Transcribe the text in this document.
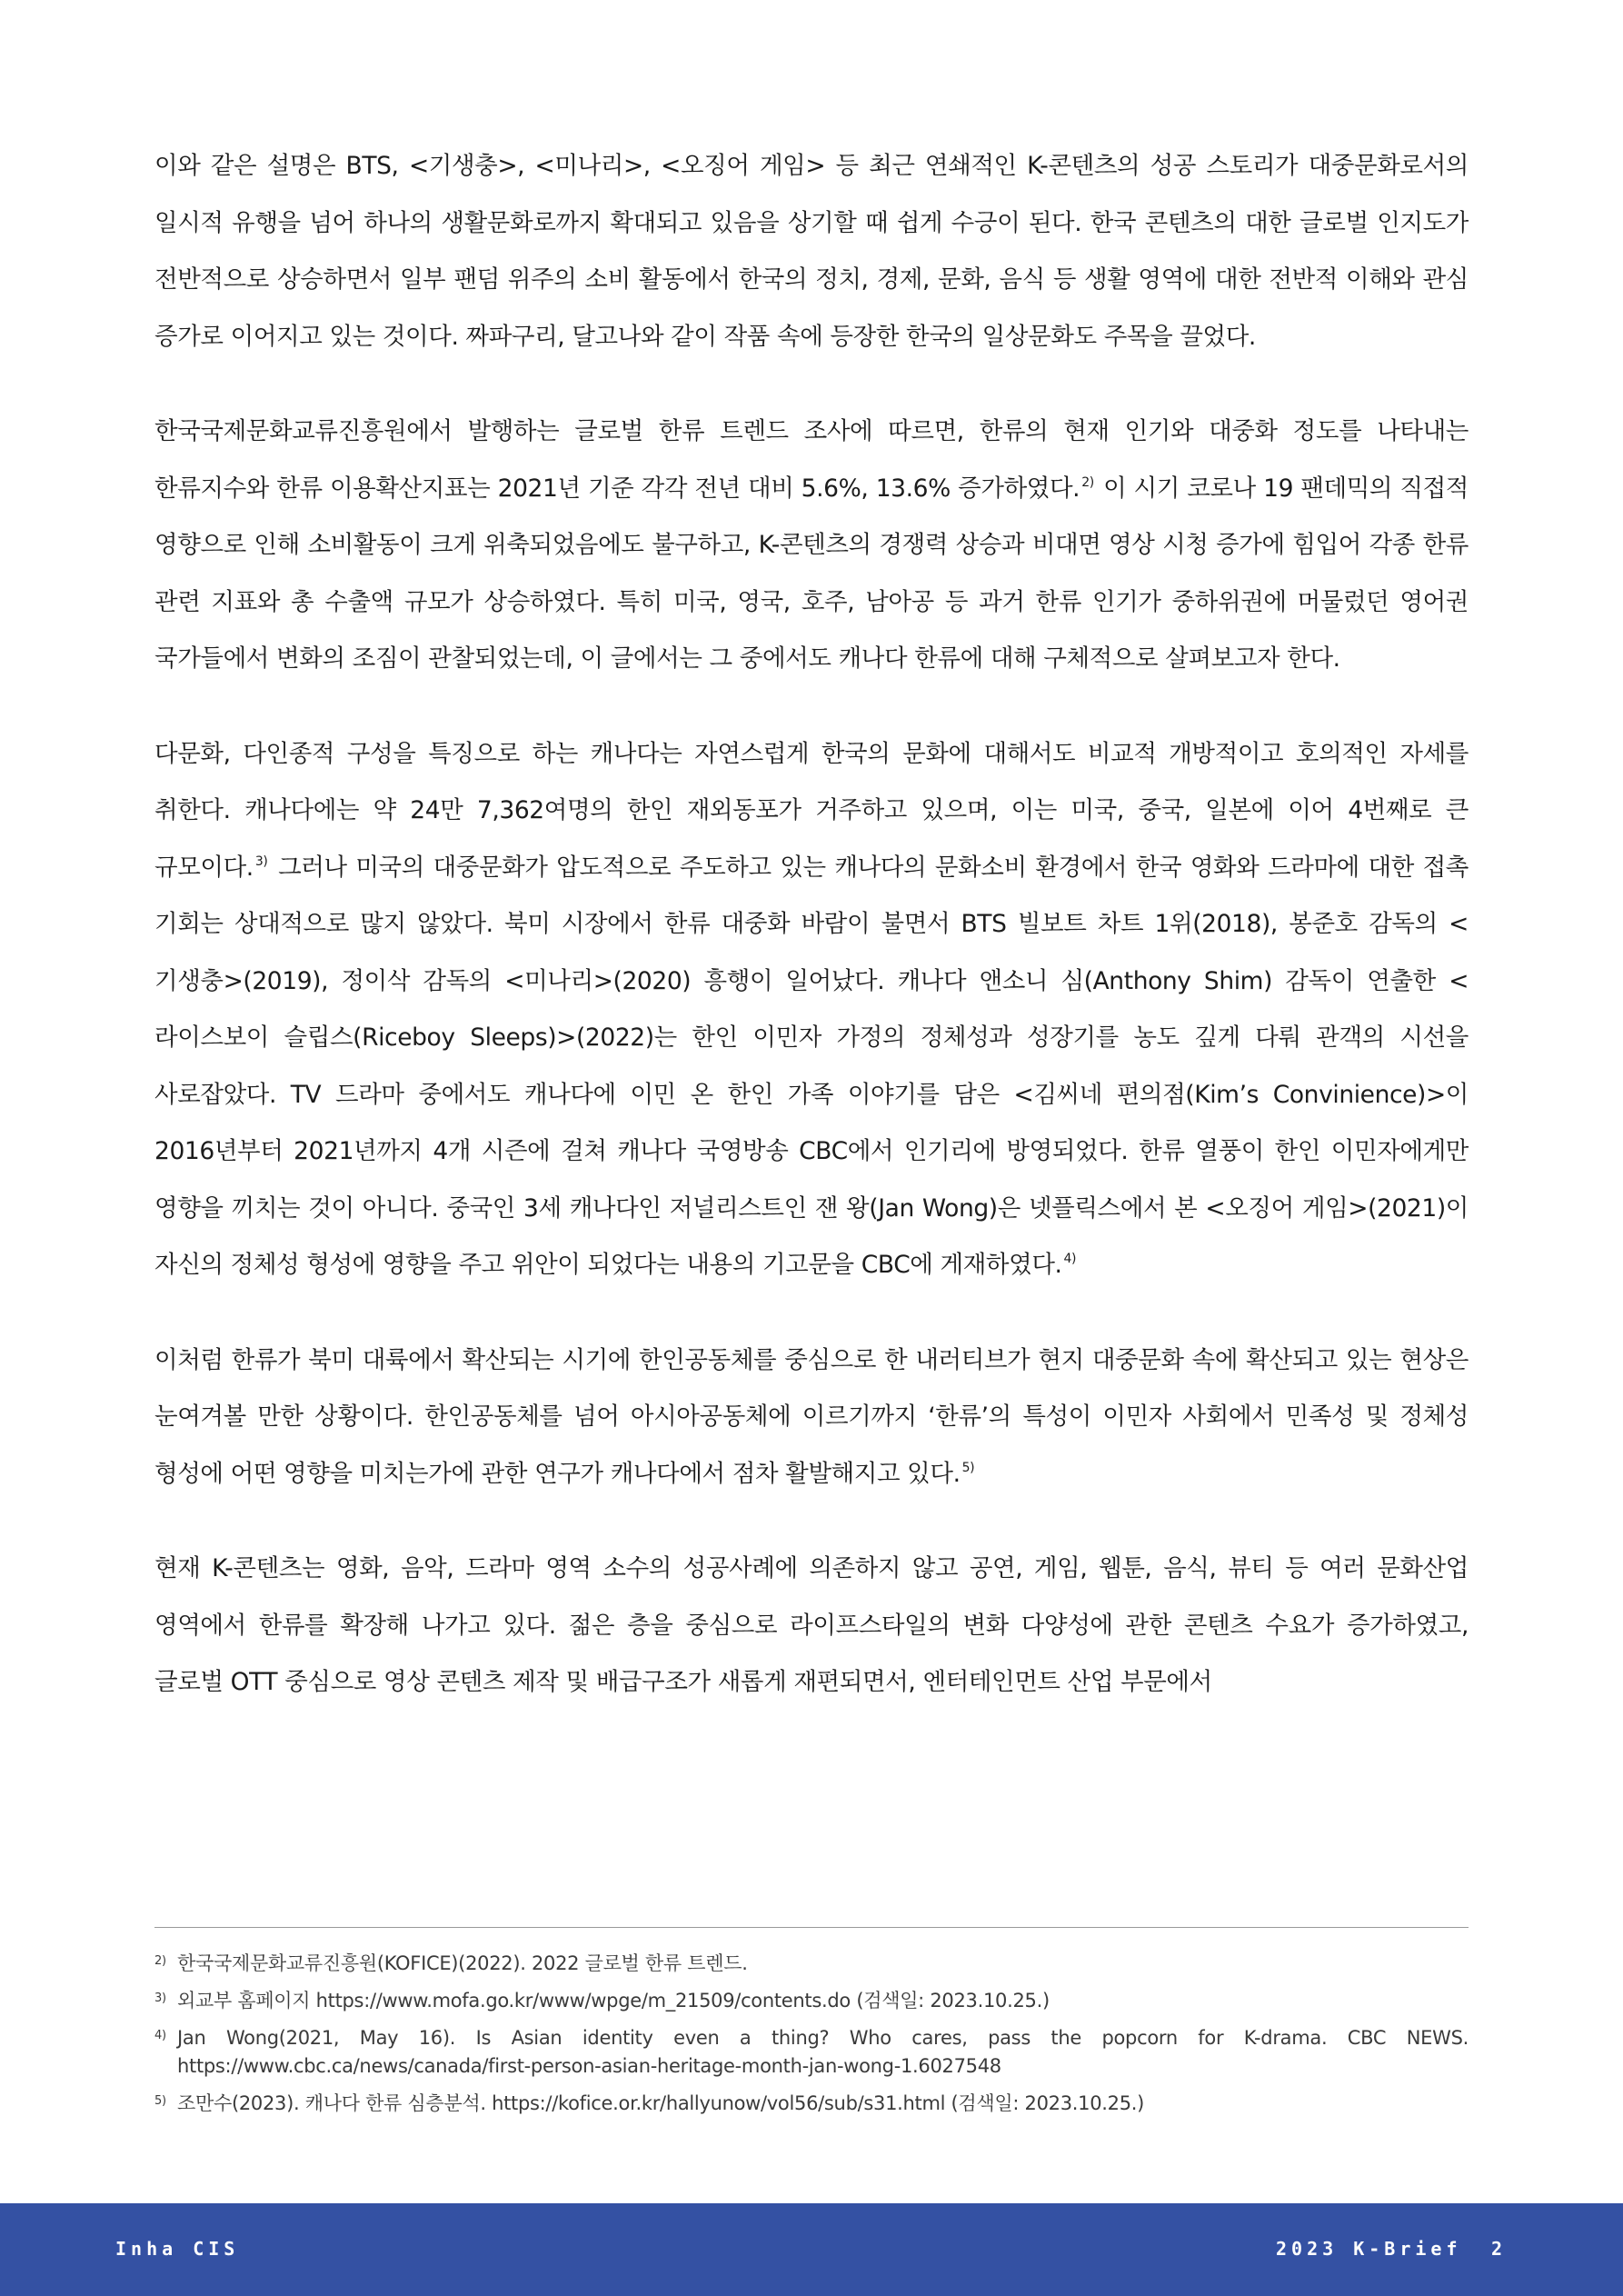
이와 같은 설명은 BTS, <기생충>, <미나리>, <오징어 게임> 등 최근 연쇄적인 K-콘텐츠의 성공 스토리가 대중문화로서의 일시적 유행을 넘어 하나의 생활문화로까지 확대되고 있음을 상기할 때 쉽게 수긍이 된다. 한국 콘텐츠의 대한 글로벌 인지도가 전반적으로 상승하면서 일부 팬덤 위주의 소비 활동에서 한국의 정치, 경제, 문화, 음식 등 생활 영역에 대한 전반적 이해와 관심 증가로 이어지고 있는 것이다. 짜파구리, 달고나와 같이 작품 속에 등장한 한국의 일상문화도 주목을 끌었다.

한국국제문화교류진흥원에서 발행하는 글로벌 한류 트렌드 조사에 따르면, 한류의 현재 인기와 대중화 정도를 나타내는 한류지수와 한류 이용확산지표는 2021년 기준 각각 전년 대비 5.6%, 13.6% 증가하였다. $^{2)}$ 이 시기 코로나 19 팬데믹의 직접적 영향으로 인해 소비활동이 크게 위축되었음에도 불구하고, K-콘텐츠의 경쟁력 상승과 비대면 영상 시청 증가에 힘입어 각종 한류 관련 지표와 총 수출액 규모가 상승하였다. 특히 미국, 영국, 호주, 남아공 등 과거 한류 인기가 중하위권에 머물렀던 영어권 국가들에서 변화의 조짐이 관찰되었는데, 이 글에서는 그 중에서도 캐나다 한류에 대해 구체적으로 살펴보고자 한다.

다문화, 다인종적 구성을 특징으로 하는 캐나다는 자연스럽게 한국의 문화에 대해서도 비교적 개방적이고 호의적인 자세를 취한다. 캐나다에는 약 24만 7,362여명의 한인 재외동포가 거주하고 있으며, 이는 미국, 중국, 일본에 이어 4번째로 큰 규모이다. $^{3)}$ 그러나 미국의 대중문화가 압도적으로 주도하고 있는 캐나다의 문화소비 환경에서 한국 영화와 드라마에 대한 접촉 기회는 상대적으로 많지 않았다. 북미 시장에서 한류 대중화 바람이 불면서 BTS 빌보트 차트 1위(2018), 봉준호 감독의 <기생충>(2019), 정이삭 감독의 <미나리>(2020) 흥행이 일어났다. 캐나다 앤소니 심(Anthony Shim) 감독이 연출한 <라이스보이 슬립스(Riceboy Sleeps)>(2022)는 한인 이민자 가정의 정체성과 성장기를 농도 깊게 다뤄 관객의 시선을 사로잡았다. TV 드라마 중에서도 캐나다에 이민 온 한인 가족 이야기를 담은 <김씨네 편의점(Kim’s Convinience)>이 2016년부터 2021년까지 4개 시즌에 걸쳐 캐나다 국영방송 CBC에서 인기리에 방영되었다. 한류 열풍이 한인 이민자에게만 영향을 끼치는 것이 아니다. 중국인 3세 캐나다인 저널리스트인 잰 왕(Jan Wong)은 넷플릭스에서 본 <오징어 게임>(2021)이 자신의 정체성 형성에 영향을 주고 위안이 되었다는 내용의 기고문을 CBC에 게재하였다. $^{4)}$

이처럼 한류가 북미 대륙에서 확산되는 시기에 한인공동체를 중심으로 한 내러티브가 현지 대중문화 속에 확산되고 있는 현상은 눈여겨볼 만한 상황이다. 한인공동체를 넘어 아시아공동체에 이르기까지 ‘한류’의 특성이 이민자 사회에서 민족성 및 정체성 형성에 어떤 영향을 미치는가에 관한 연구가 캐나다에서 점차 활발해지고 있다. $^{5)}$

현재 K-콘텐츠는 영화, 음악, 드라마 영역 소수의 성공사례에 의존하지 않고 공연, 게임, 웹툰, 음식, 뷰티 등 여러 문화산업 영역에서 한류를 확장해 나가고 있다. 젊은 층을 중심으로 라이프스타일의 변화 다양성에 관한 콘텐츠 수요가 증가하였고, 글로벌 OTT 중심으로 영상 콘텐츠 제작 및 배급구조가 새롭게 재편되면서, 엔터테인먼트 산업 부문에서

2) 한국국제문화교류진흥원(KOFICE)(2022). 2022 글로벌 한류 트렌드.
3) 외교부 홈페이지 https://www.mofa.go.kr/www/wpge/m_21509/contents.do (검색일: 2023.10.25.)
4) Jan Wong(2021, May 16). Is Asian identity even a thing? Who cares, pass the popcorn for K-drama. CBC NEWS. https://www.cbc.ca/news/canada/first-person-asian-heritage-month-jan-wong-1.6027548
5) 조만수(2023). 캐나다 한류 심층분석. https://kofice.or.kr/hallyunow/vol56/sub/s31.html (검색일: 2023.10.25.)
Inha CIS	2023 K-Brief 2
